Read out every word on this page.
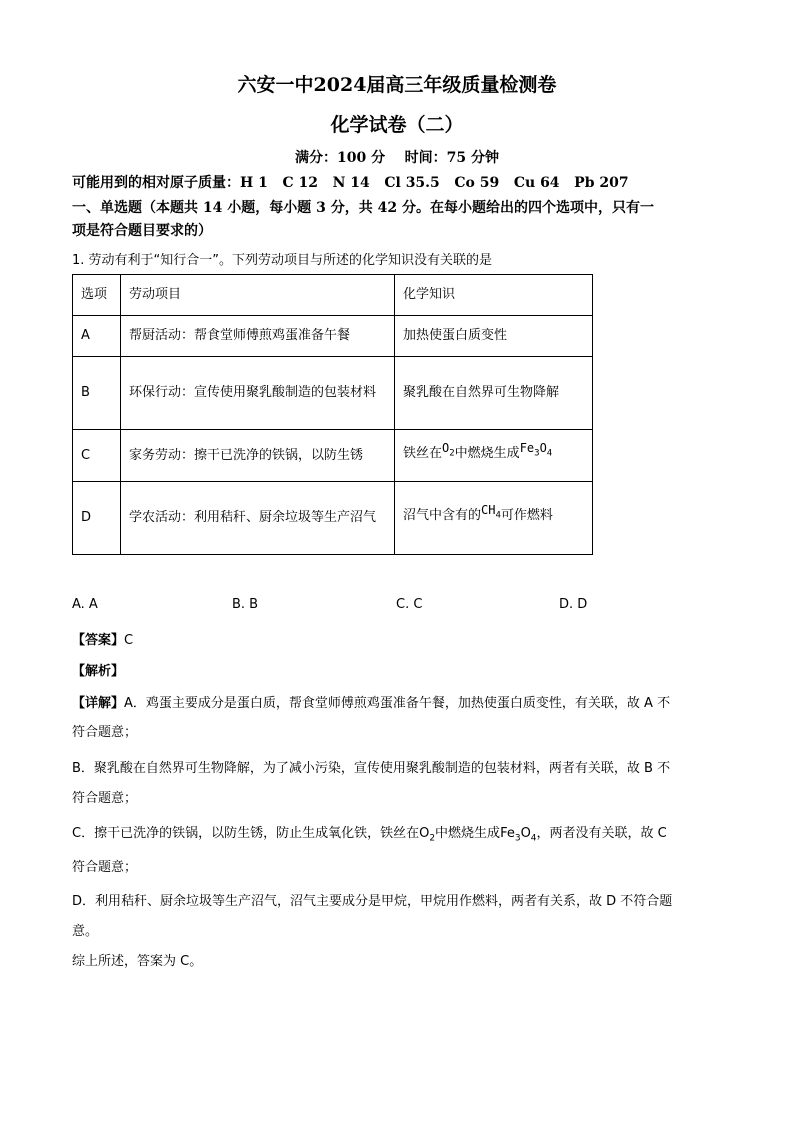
六安一中2024届高三年级质量检测卷
化学试卷（二）
满分：100 分    时间：75 分钟
可能用到的相对原子质量：H 1   C 12   N 14   Cl 35.5   Co 59   Cu 64   Pb 207
一、单选题（本题共 14 小题，每小题 3 分，共 42 分。在每小题给出的四个选项中，只有一
项是符合题目要求的）
1. 劳动有利于“知行合一”。下列劳动项目与所述的化学知识没有关联的是
选项	劳动项目	化学知识
A	帮厨活动：帮食堂师傅煎鸡蛋准备午餐	加热使蛋白质变性
B	环保行动：宣传使用聚乳酸制造的包装材料	聚乳酸在自然界可生物降解
C	家务劳动：擦干已洗净的铁锅，以防生锈	铁丝在$O_2$中燃烧生成$Fe_3O_4$
D	学农活动：利用秸秆、厨余垃圾等生产沼气	沼气中含有的$CH_4$可作燃料
A. A	B. B	C. C	D. D
【答案】C
【解析】
【详解】A．鸡蛋主要成分是蛋白质，帮食堂师傅煎鸡蛋准备午餐，加热使蛋白质变性，有关联，故 A 不
符合题意；
B．聚乳酸在自然界可生物降解，为了减小污染，宣传使用聚乳酸制造的包装材料，两者有关联，故 B 不
符合题意；
C．擦干已洗净的铁锅，以防生锈，防止生成氧化铁，铁丝在$O_2$中燃烧生成$Fe_3O_4$，两者没有关联，故 C
符合题意；
D．利用秸秆、厨余垃圾等生产沼气，沼气主要成分是甲烷，甲烷用作燃料，两者有关系，故 D 不符合题
意。
综上所述，答案为 C。
